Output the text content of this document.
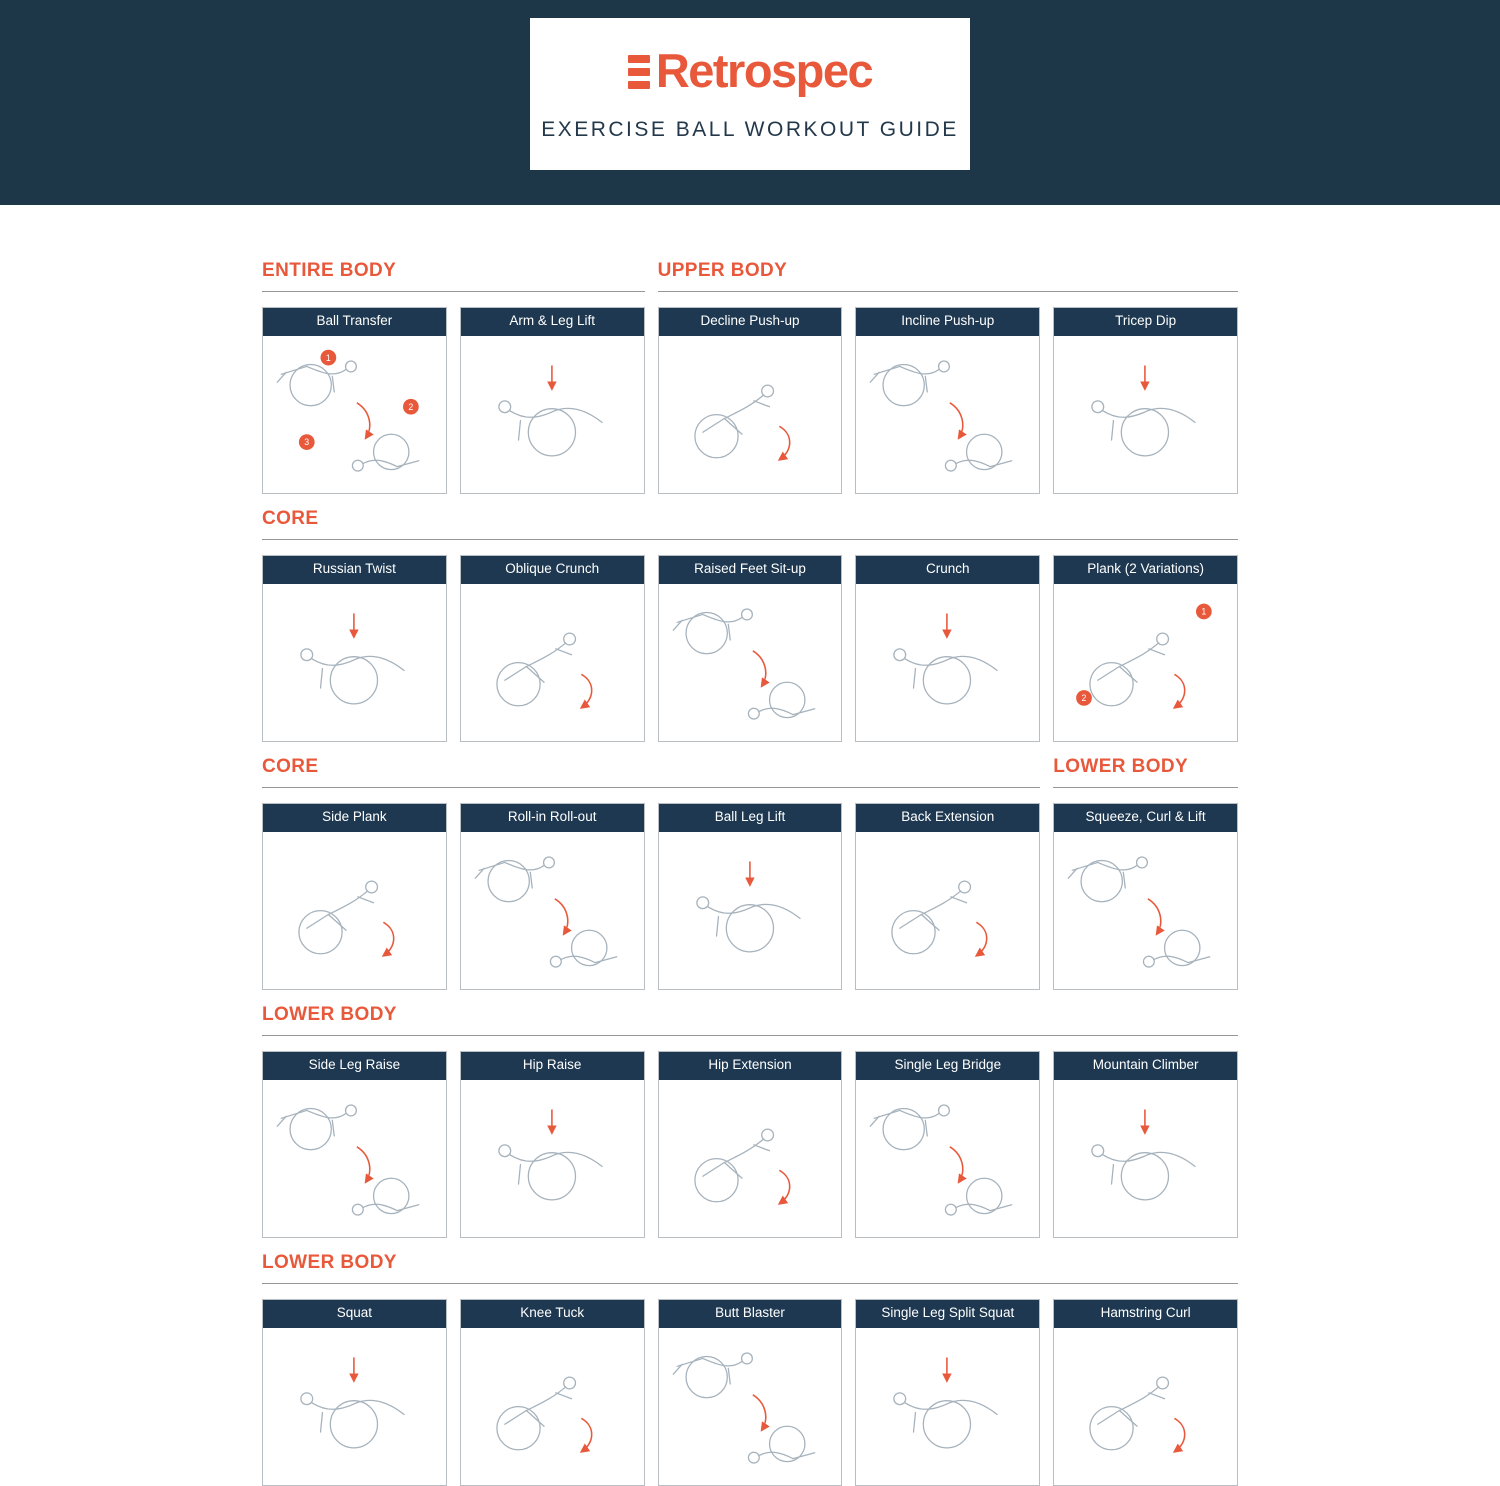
Retrospec
EXERCISE BALL WORKOUT GUIDE
ENTIRE BODY	UPPER BODY
Ball Transfer
1
2
3
Arm & Leg Lift	Decline Push-up	Incline Push-up	Tricep Dip
CORE
Russian Twist	Oblique Crunch	Raised Feet Sit-up	Crunch	Plank (2 Variations)
1
2
CORE	LOWER BODY
Side Plank	Roll-in Roll-out	Ball Leg Lift	Back Extension	Squeeze, Curl & Lift
LOWER BODY
Side Leg Raise	Hip Raise	Hip Extension	Single Leg Bridge	Mountain Climber
LOWER BODY
Squat	Knee Tuck	Butt Blaster	Single Leg Split Squat	Hamstring Curl
